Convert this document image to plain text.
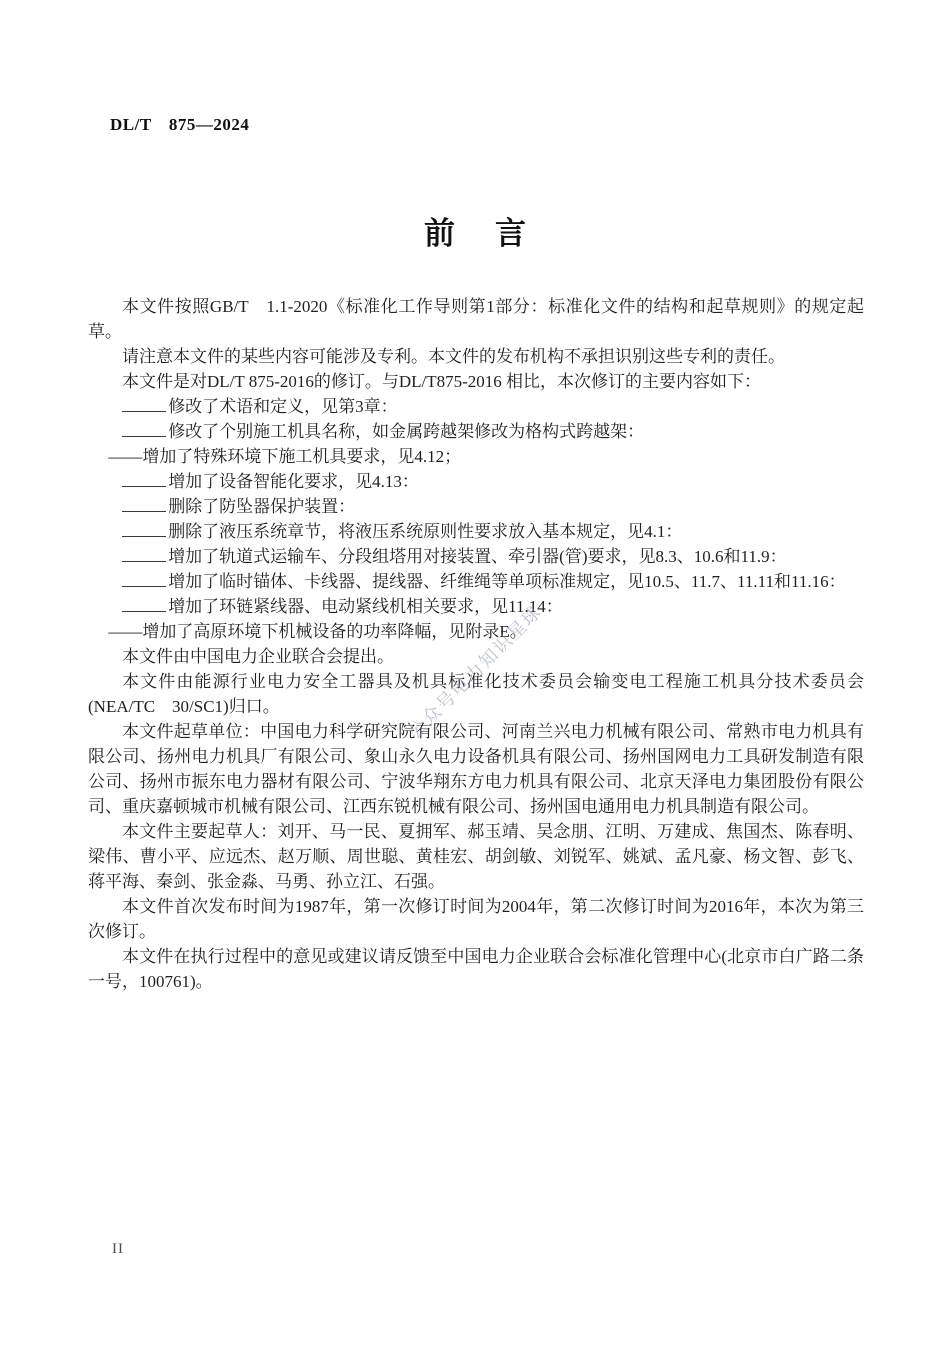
DL/T　875—2024
前 言

本文件按照GB/T　1.1-2020《标准化工作导则第1部分：标准化文件的结构和起草规则》的规定起草。

请注意本文件的某些内容可能涉及专利。本文件的发布机构不承担识别这些专利的责任。

本文件是对DL/T 875-2016的修订。与DL/T875-2016 相比，本次修订的主要内容如下：

修改了术语和定义，见第3章：

修改了个别施工机具名称，如金属跨越架修改为格构式跨越架：

——增加了特殊环境下施工机具要求，见4.12；

增加了设备智能化要求，见4.13：

删除了防坠器保护装置：

删除了液压系统章节，将液压系统原则性要求放入基本规定，见4.1：

增加了轨道式运输车、分段组塔用对接装置、牵引器(管)要求，见8.3、10.6和11.9：

增加了临时锚体、卡线器、提线器、纤维绳等单项标准规定，见10.5、11.7、11.11和11.16：

增加了环链紧线器、电动紧线机相关要求，见11.14：

——增加了高原环境下机械设备的功率降幅，见附录E。

本文件由中国电力企业联合会提出。

本文件由能源行业电力安全工器具及机具标准化技术委员会输变电工程施工机具分技术委员会(NEA/TC　30/SC1)归口。

本文件起草单位：中国电力科学研究院有限公司、河南兰兴电力机械有限公司、常熟市电力机具有限公司、扬州电力机具厂有限公司、象山永久电力设备机具有限公司、扬州国网电力工具研发制造有限公司、扬州市振东电力器材有限公司、宁波华翔东方电力机具有限公司、北京天泽电力集团股份有限公司、重庆嘉顿城市机械有限公司、江西东锐机械有限公司、扬州国电通用电力机具制造有限公司。

本文件主要起草人：刘开、马一民、夏拥军、郝玉靖、吴念朋、江明、万建成、焦国杰、陈春明、梁伟、曹小平、应远杰、赵万顺、周世聪、黄桂宏、胡剑敏、刘锐军、姚斌、孟凡豪、杨文智、彭飞、蒋平海、秦剑、张金淼、马勇、孙立江、石强。

本文件首次发布时间为1987年，第一次修订时间为2004年，第二次修订时间为2016年，本次为第三次修订。

本文件在执行过程中的意见或建议请反馈至中国电力企业联合会标准化管理中心(北京市白广路二条一号，100761)。

公众号电力知识星球
II
